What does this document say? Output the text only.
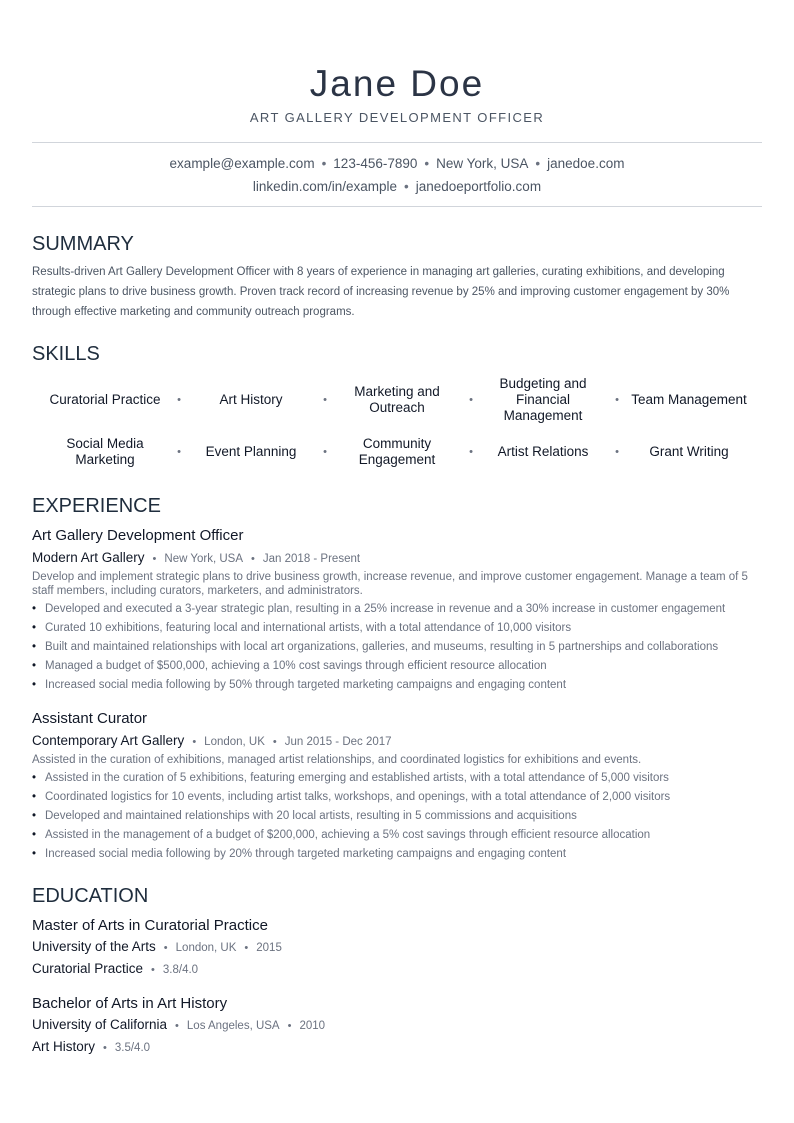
Jane Doe
ART GALLERY DEVELOPMENT OFFICER
example@example.com • 123-456-7890 • New York, USA • janedoe.com
linkedin.com/in/example • janedoeportfolio.com
SUMMARY
Results-driven Art Gallery Development Officer with 8 years of experience in managing art galleries, curating exhibitions, and developing strategic plans to drive business growth. Proven track record of increasing revenue by 25% and improving customer engagement by 30% through effective marketing and community outreach programs.
SKILLS
Curatorial Practice •	Art History •
Marketing and Outreach •
Budgeting and Financial Management •
Team Management
Social Media Marketing •
Event Planning •
Community Engagement •
Artist Relations •	Grant Writing
EXPERIENCE
Art Gallery Development Officer
Modern Art Gallery • New York, USA • Jan 2018 - Present
Develop and implement strategic plans to drive business growth, increase revenue, and improve customer engagement. Manage a team of 5 staff members, including curators, marketers, and administrators.
• Developed and executed a 3-year strategic plan, resulting in a 25% increase in revenue and a 30% increase in customer engagement
• Curated 10 exhibitions, featuring local and international artists, with a total attendance of 10,000 visitors
• Built and maintained relationships with local art organizations, galleries, and museums, resulting in 5 partnerships and collaborations
• Managed a budget of $500,000, achieving a 10% cost savings through efficient resource allocation
• Increased social media following by 50% through targeted marketing campaigns and engaging content
Assistant Curator
Contemporary Art Gallery • London, UK • Jun 2015 - Dec 2017
Assisted in the curation of exhibitions, managed artist relationships, and coordinated logistics for exhibitions and events.
• Assisted in the curation of 5 exhibitions, featuring emerging and established artists, with a total attendance of 5,000 visitors
• Coordinated logistics for 10 events, including artist talks, workshops, and openings, with a total attendance of 2,000 visitors
• Developed and maintained relationships with 20 local artists, resulting in 5 commissions and acquisitions
• Assisted in the management of a budget of $200,000, achieving a 5% cost savings through efficient resource allocation
• Increased social media following by 20% through targeted marketing campaigns and engaging content
EDUCATION
Master of Arts in Curatorial Practice
University of the Arts • London, UK • 2015
Curatorial Practice • 3.8/4.0
Bachelor of Arts in Art History
University of California • Los Angeles, USA • 2010
Art History • 3.5/4.0
